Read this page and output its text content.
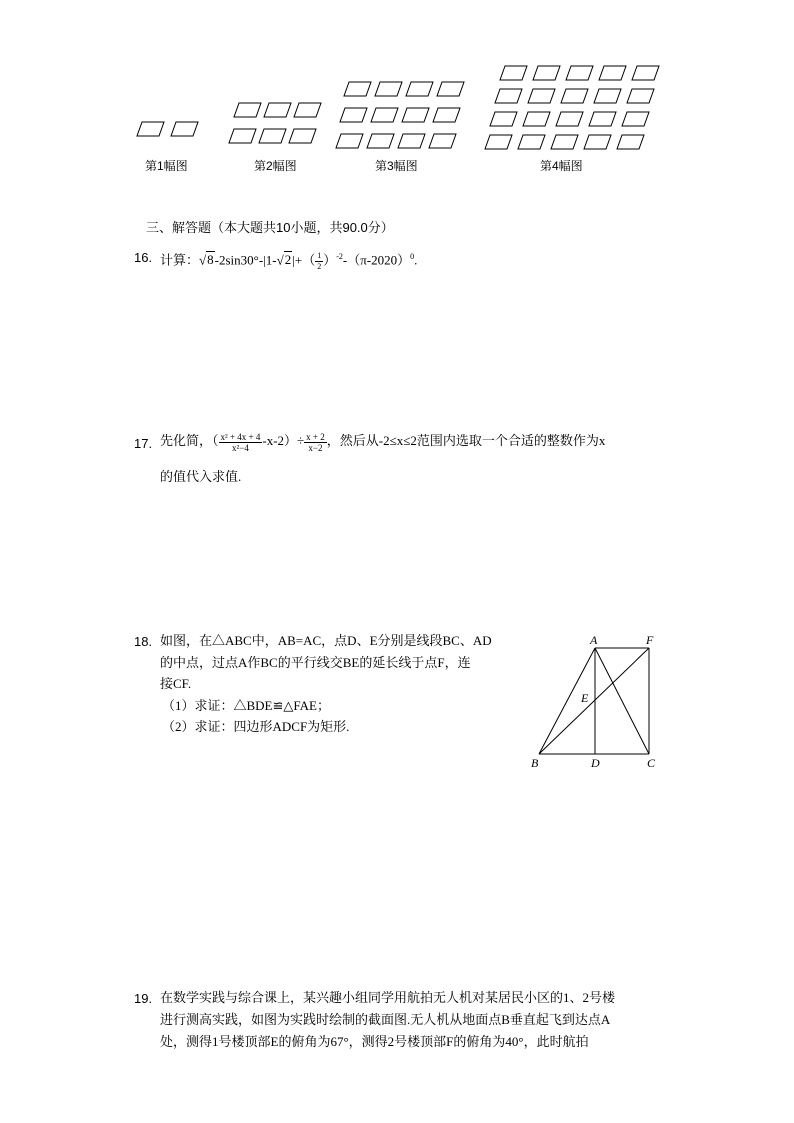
第1幅图	第2幅图	第3幅图	第4幅图
三、解答题（本大题共10小题，共90.0分）
16. 计算：$√8-2\sin 30^\circ-|1-√2|+( \frac{1}{2} )^{-2}-(\pi-2020)^0$.
17. 先化简，（ $\frac{\text{x² + 4x + 4}}{\text{x²−4}} -x-2)\div \frac{x + 2}{x-2}$ ，然后从-2≤x≤2范围内选取一个合适的整数作为x
的值代入求值.
18. 如图，在△ABC中，AB=AC，点D、E分别是线段BC、AD
的中点，过点A作BC的平行线交BE的延长线于点F，连
接CF.
（1）求证：△BDE≌△FAE；
（2）求证：四边形ADCF为矩形.
A	F
E
B	D	C
19. 在数学实践与综合课上，某兴趣小组同学用航拍无人机对某居民小区的1、2号楼
进行测高实践，如图为实践时绘制的截面图.无人机从地面点B垂直起飞到达点A
处，测得1号楼顶部E的俯角为67°，测得2号楼顶部F的俯角为40°，此时航拍
